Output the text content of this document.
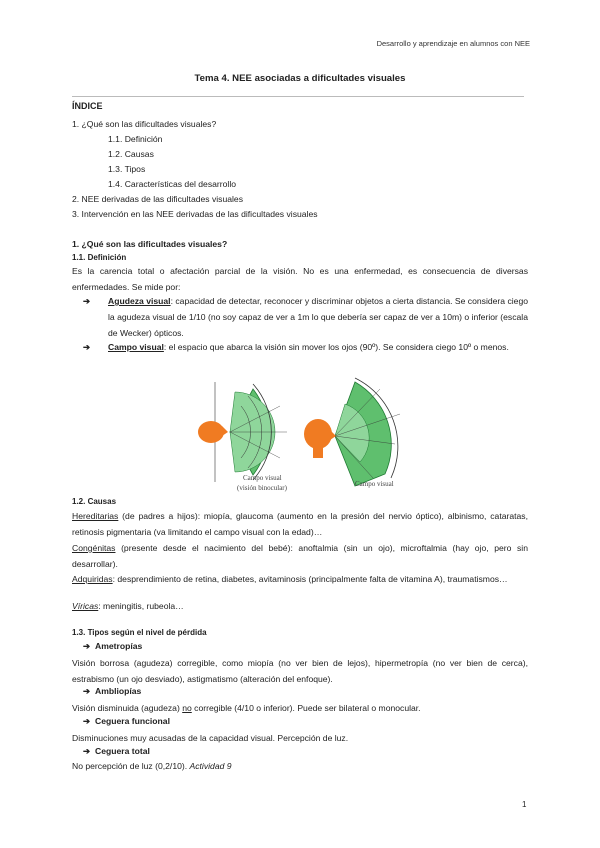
Desarrollo y aprendizaje en alumnos con NEE
Tema 4. NEE asociadas a dificultades visuales
ÍNDICE
1. ¿Qué son las dificultades visuales?
1.1. Definición
1.2. Causas
1.3. Tipos
1.4. Características del desarrollo
2. NEE derivadas de las dificultades visuales
3. Intervención en las NEE derivadas de las dificultades visuales
1. ¿Qué son las dificultades visuales?
1.1. Definición
Es la carencia total o afectación parcial de la visión. No es una enfermedad, es consecuencia de diversas enfermedades. Se mide por:
➔ Agudeza visual: capacidad de detectar, reconocer y discriminar objetos a cierta distancia. Se considera ciego la agudeza visual de 1/10 (no soy capaz de ver a 1m lo que debería ser capaz de ver a 10m) o inferior (escala de Wecker) ópticos.
➔ Campo visual: el espacio que abarca la visión sin mover los ojos (90º). Se considera ciego 10º o menos.
Campo visual
(visión binocular)	Campo visual
1.2. Causas
Hereditarias (de padres a hijos): miopía, glaucoma (aumento en la presión del nervio óptico), albinismo, cataratas, retinosis pigmentaria (va limitando el campo visual con la edad)…
Congénitas (presente desde el nacimiento del bebé): anoftalmia (sin un ojo), microftalmia (hay ojo, pero sin desarrollar).
Adquiridas: desprendimiento de retina, diabetes, avitaminosis (principalmente falta de vitamina A), traumatismos…
Víricas: meningitis, rubeola…
1.3. Tipos según el nivel de pérdida
➔ Ametropías
Visión borrosa (agudeza) corregible, como miopía (no ver bien de lejos), hipermetropía (no ver bien de cerca), estrabismo (un ojo desviado), astigmatismo (alteración del enfoque).
➔ Ambliopías
Visión disminuida (agudeza) no corregible (4/10 o inferior). Puede ser bilateral o monocular.
➔ Ceguera funcional
Disminuciones muy acusadas de la capacidad visual. Percepción de luz.
➔ Ceguera total
No percepción de luz (0,2/10). Actividad 9
1
